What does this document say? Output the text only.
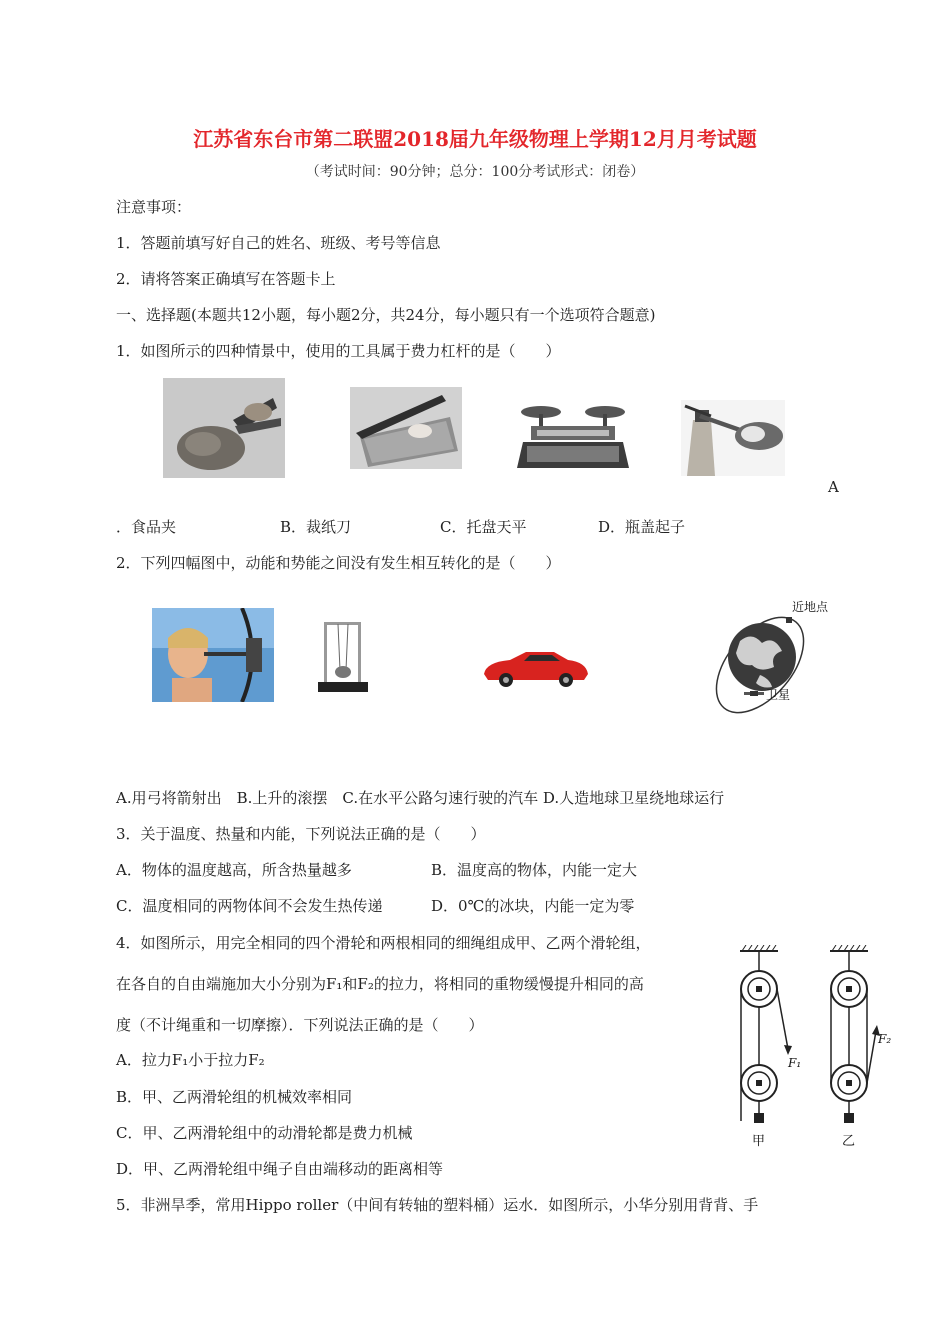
江苏省东台市第二联盟2018届九年级物理上学期12月月考试题
（考试时间：90分钟；总分：100分考试形式：闭卷）
注意事项：
1．答题前填写好自己的姓名、班级、考号等信息
2．请将答案正确填写在答题卡上
一、选择题(本题共12小题，每小题2分，共24分，每小题只有一个选项符合题意)
1．如图所示的四种情景中，使用的工具属于费力杠杆的是（　　）
A
．食品夹	B．裁纸刀	C．托盘天平	D．瓶盖起子
2．下列四幅图中，动能和势能之间没有发生相互转化的是（　　）
近地点
卫星
A.用弓将箭射出　B.上升的滚摆　C.在水平公路匀速行驶的汽车 D.人造地球卫星绕地球运行
3．关于温度、热量和内能，下列说法正确的是（　　）
A．物体的温度越高，所含热量越多	B．温度高的物体，内能一定大
C．温度相同的两物体间不会发生热传递	D．0℃的冰块，内能一定为零
4．如图所示，用完全相同的四个滑轮和两根相同的细绳组成甲、乙两个滑轮组，
在各自的自由端施加大小分别为F₁和F₂的拉力，将相同的重物缓慢提升相同的高
度（不计绳重和一切摩擦）．下列说法正确的是（　　）
A．拉力F₁小于拉力F₂
B．甲、乙两滑轮组的机械效率相同
C．甲、乙两滑轮组中的动滑轮都是费力机械
D．甲、乙两滑轮组中绳子自由端移动的距离相等
F₁
甲
F₂
乙
5．非洲旱季，常用Hippo roller（中间有转轴的塑料桶）运水．如图所示，小华分别用背背、手
